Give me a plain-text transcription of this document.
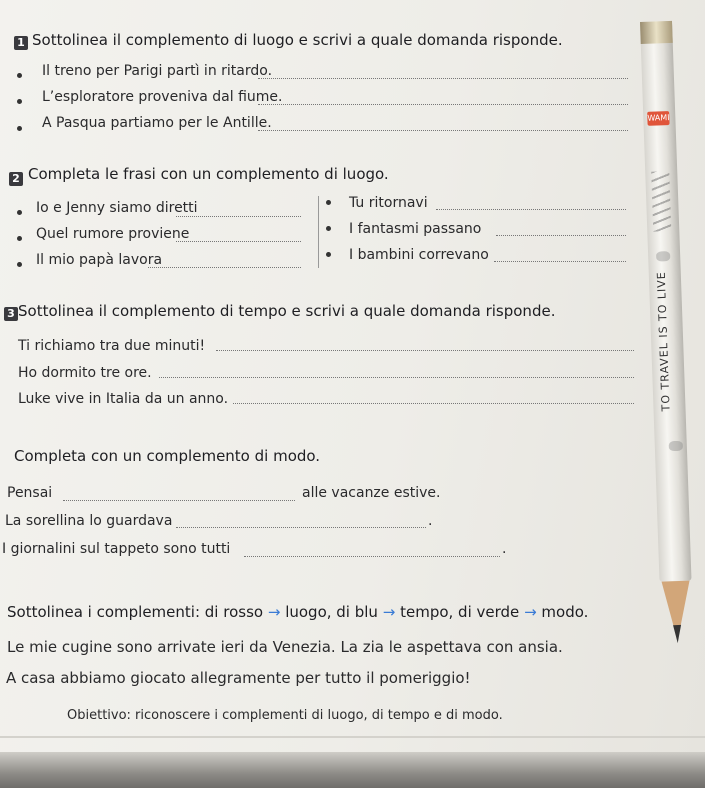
1 Sottolinea il complemento di luogo e scrivi a quale domanda risponde.
Il treno per Parigi partì in ritardo.
L’esploratore proveniva dal fiume.
A Pasqua partiamo per le Antille.
2 Completa le frasi con un complemento di luogo.
Io e Jenny siamo diretti
Quel rumore proviene
Il mio papà lavora
Tu ritornavi
I fantasmi passano
I bambini correvano
3 Sottolinea il complemento di tempo e scrivi a quale domanda risponde.
Ti richiamo tra due minuti!
Ho dormito tre ore.
Luke vive in Italia da un anno.
Completa con un complemento di modo.
Pensai	alle vacanze estive.
La sorellina lo guardava	.
I giornalini sul tappeto sono tutti	.
Sottolinea i complementi: di rosso → luogo, di blu → tempo, di verde → modo.
Le mie cugine sono arrivate ieri da Venezia. La zia le aspettava con ansia.
A casa abbiamo giocato allegramente per tutto il pomeriggio!
Obiettivo: riconoscere i complementi di luogo, di tempo e di modo.
WAMI
TO TRAVEL IS TO LIVE
